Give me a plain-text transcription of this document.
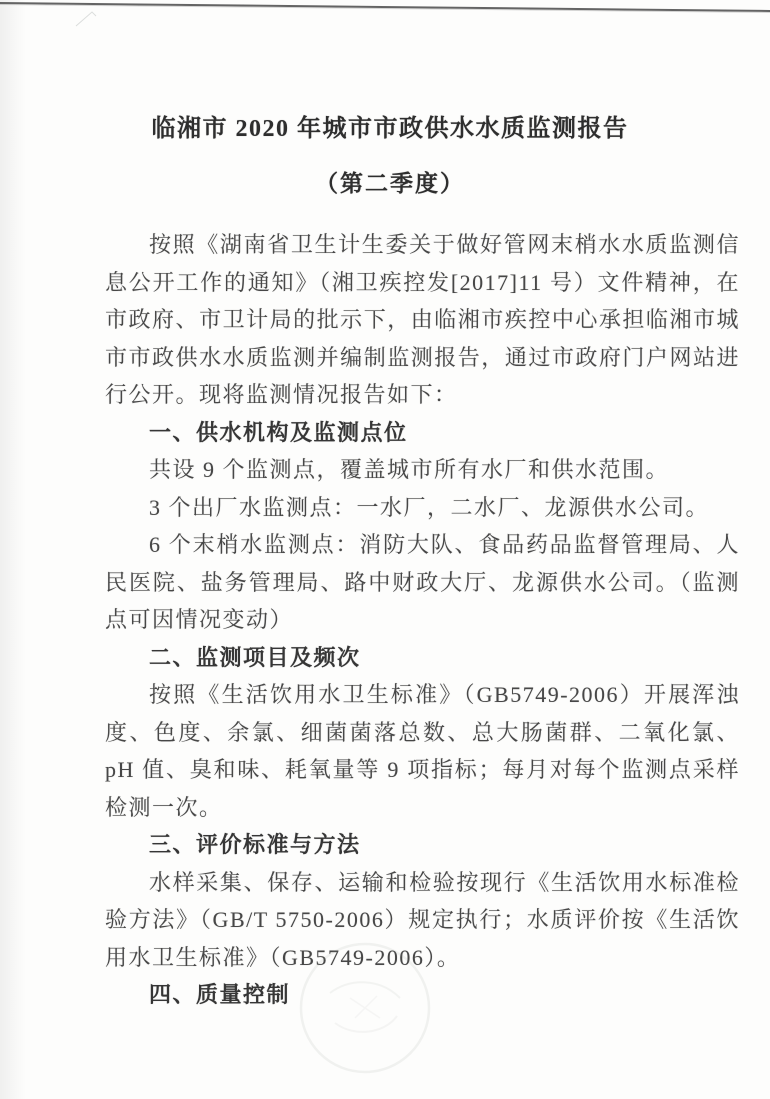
临湘市 2020 年城市市政供水水质监测报告
（第二季度）

按照《湖南省卫生计生委关于做好管网末梢水水质监测信息公开工作的通知》（湘卫疾控发[2017]11 号）文件精神，在市政府、市卫计局的批示下，由临湘市疾控中心承担临湘市城市市政供水水质监测并编制监测报告，通过市政府门户网站进行公开。现将监测情况报告如下：

一、供水机构及监测点位

共设 9 个监测点，覆盖城市所有水厂和供水范围。

3 个出厂水监测点：一水厂，二水厂、龙源供水公司。

6 个末梢水监测点：消防大队、食品药品监督管理局、人民医院、盐务管理局、路中财政大厅、龙源供水公司。（监测点可因情况变动）

二、监测项目及频次

按照《生活饮用水卫生标准》（GB5749-2006）开展浑浊度、色度、余氯、细菌菌落总数、总大肠菌群、二氧化氯、pH 值、臭和味、耗氧量等 9 项指标；每月对每个监测点采样检测一次。

三、评价标准与方法

水样采集、保存、运输和检验按现行《生活饮用水标准检验方法》（GB/T 5750-2006）规定执行；水质评价按《生活饮用水卫生标准》（GB5749-2006）。

四、质量控制
